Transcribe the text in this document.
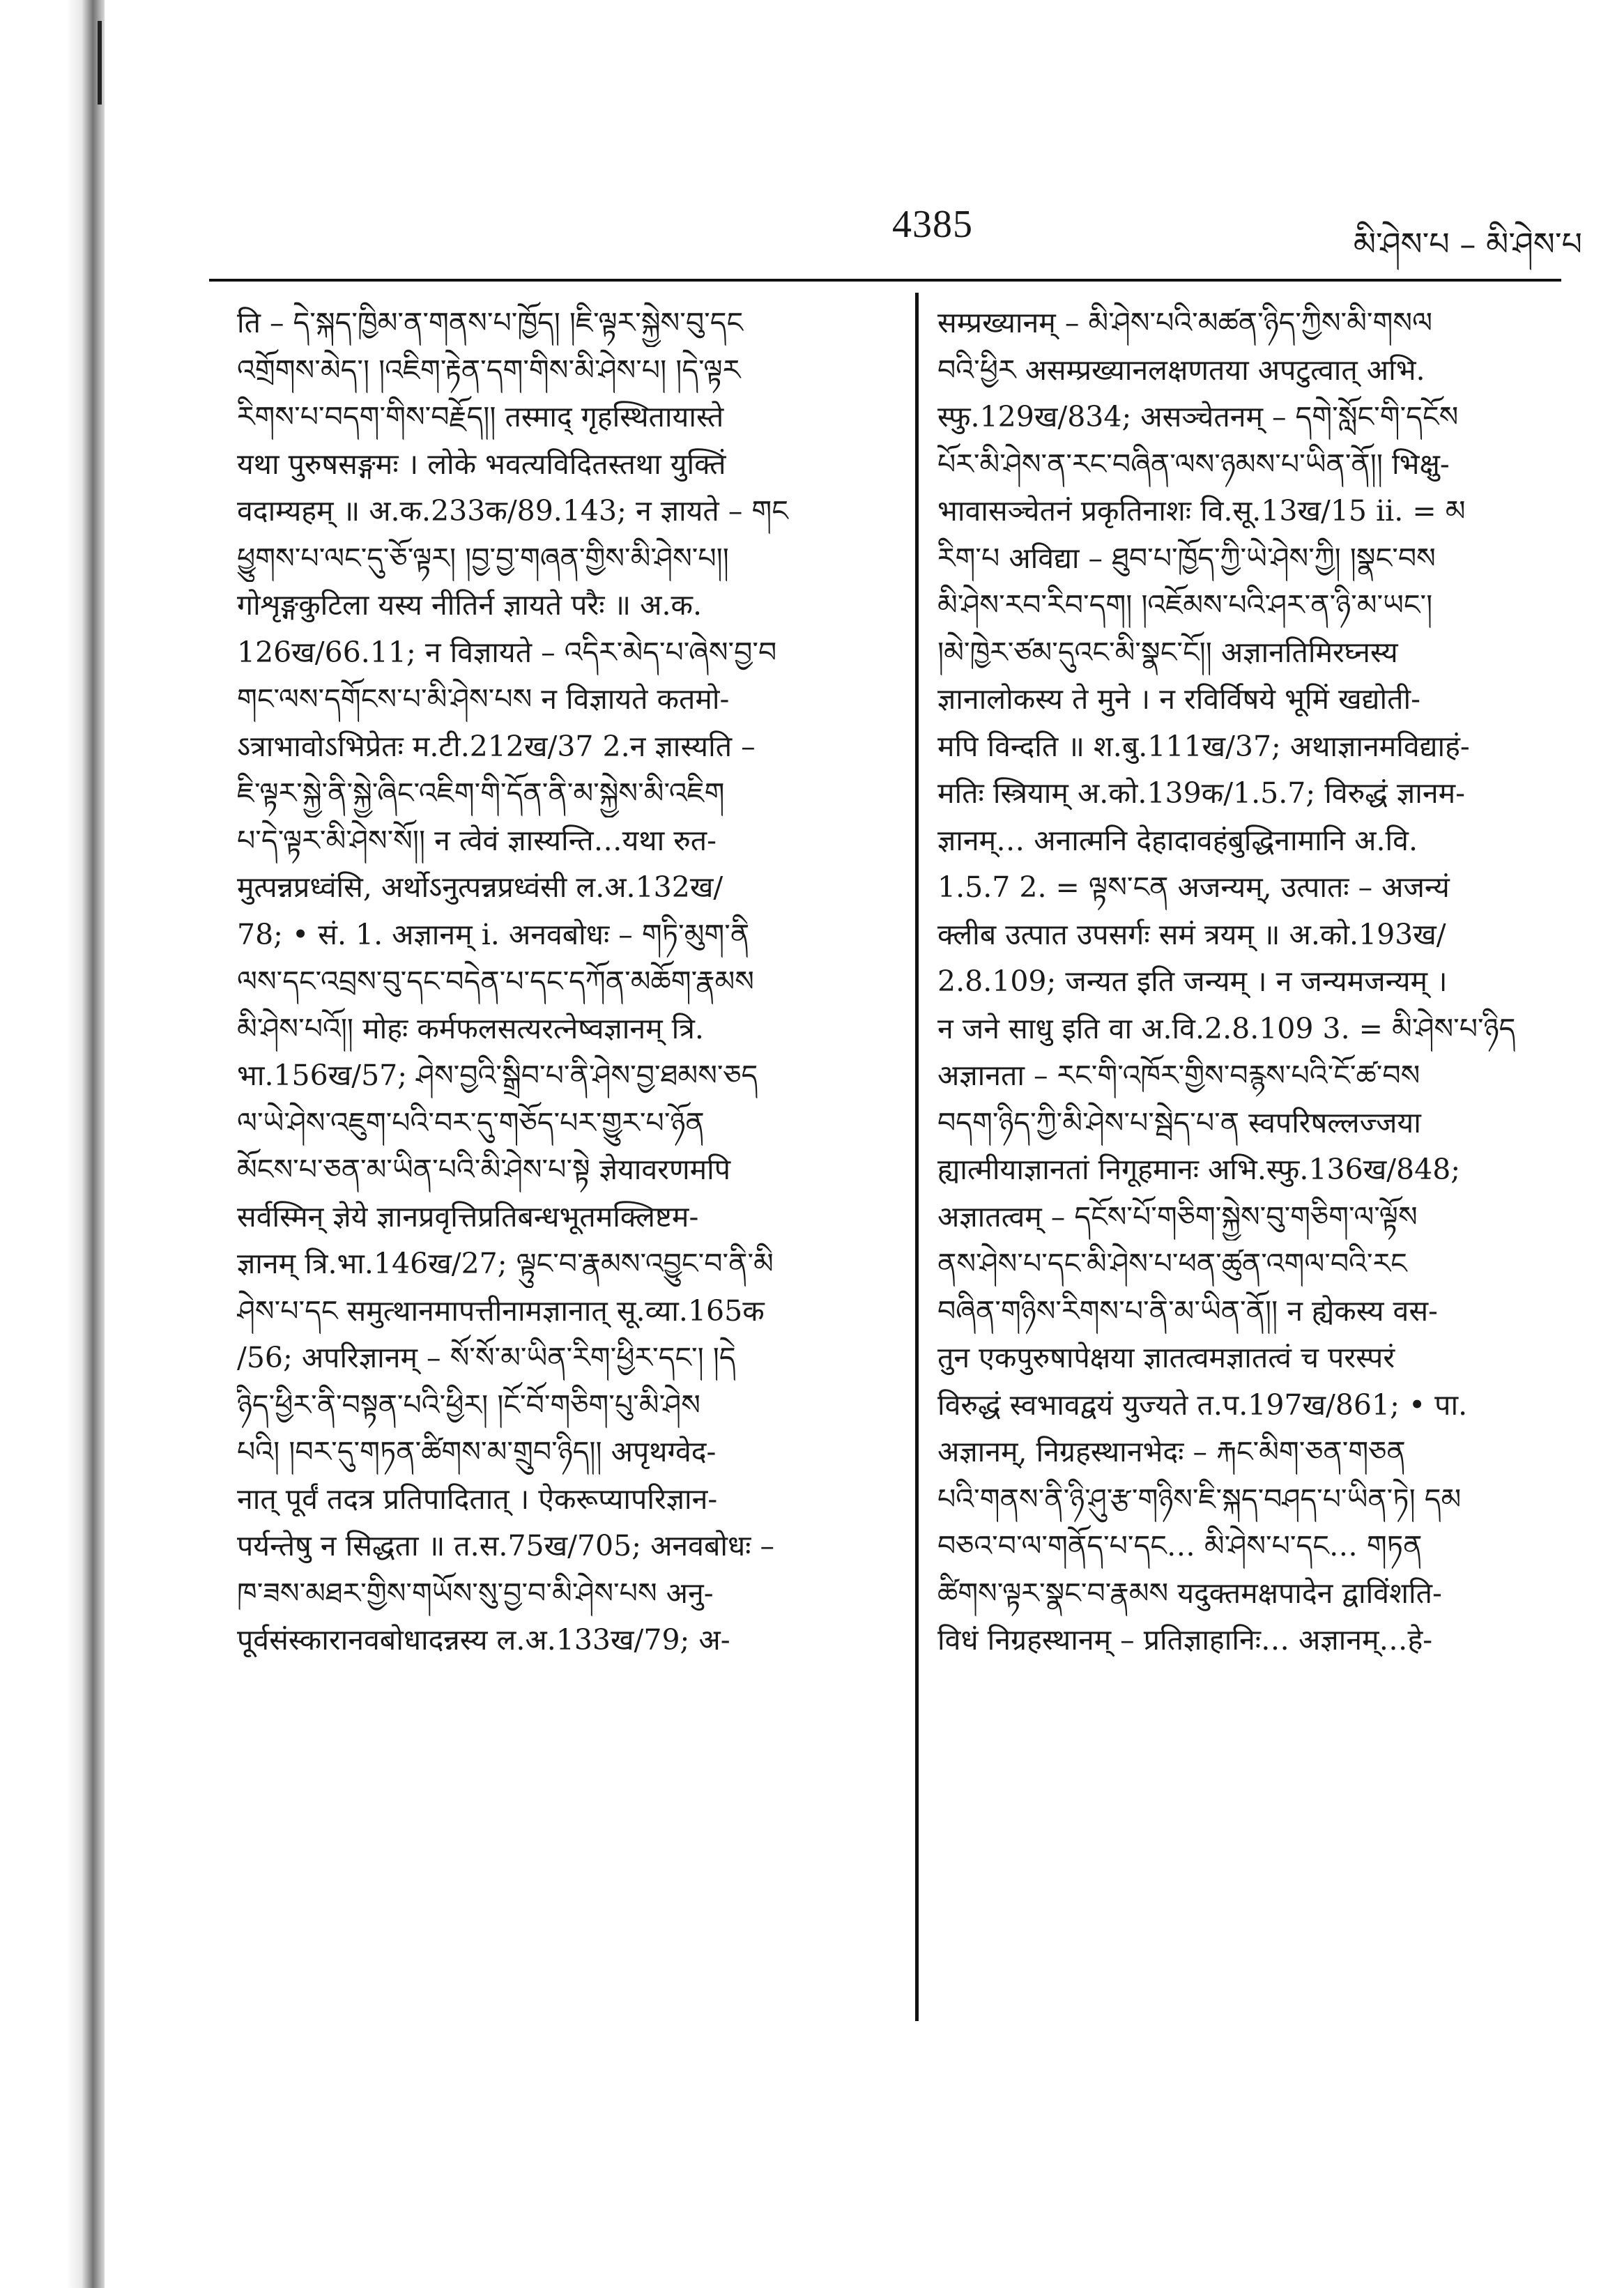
4385	མི་ཤེས་པ – མི་ཤེས་པ
ति – དེ་སྐད་ཁྱིམ་ན་གནས་པ་ཁྱོད། །ཇི་ལྟར་སྐྱེས་བུ་དང
འགྲོགས་མེད་། །འཇིག་རྟེན་དག་གིས་མི་ཤེས་པ། །དེ་ལྟར
རིགས་པ་བདག་གིས་བརྗོད།། तस्माद् गृहस्थितायास्ते
यथा पुरुषसङ्गमः । लोके भवत्यविदितस्तथा युक्तिं
वदाम्यहम् ॥ अ.क.233क/89.143; न ज्ञायते – གང
ཕྱུགས་པ་ལང་དུ་ཅོ་ལྟར། །བྱ་བྱ་གཞན་གྱིས་མི་ཤེས་པ།།
गोशृङ्गकुटिला यस्य नीतिर्न ज्ञायते परैः ॥ अ.क.
126ख/66.11; न विज्ञायते – འདིར་མེད་པ་ཞེས་བྱ་བ
གང་ལས་དགོངས་པ་མི་ཤེས་པས न विज्ञायते कतमो-
ऽत्राभावोऽभिप्रेतः म.टी.212ख/37 2.न ज्ञास्यति –
ཇི་ལྟར་སྐྱེ་ནི་སྐྱེ་ཞིང་འཇིག་གི་དོན་ནི་མ་སྐྱེས་མི་འཇིག
པ་དེ་ལྟར་མི་ཤེས་སོ།། न त्वेवं ज्ञास्यन्ति…यथा रुत-
मुत्पन्नप्रध्वंसि, अर्थोऽनुत्पन्नप्रध्वंसी ल.अ.132ख/
78; • सं. 1. अज्ञानम् i. अनवबोधः – གཏི་མུག་ནི
ལས་དང་འབྲས་བུ་དང་བདེན་པ་དང་དཀོན་མཆོག་རྣམས
མི་ཤེས་པའོ།། मोहः कर्मफलसत्यरत्नेष्वज्ञानम् त्रि.
भा.156ख/57; ཤེས་བྱའི་སྒྲིབ་པ་ནི་ཤེས་བྱ་ཐམས་ཅད
ལ་ཡེ་ཤེས་འཇུག་པའི་བར་དུ་གཅོད་པར་གྱུར་པ་ཉོན
མོངས་པ་ཅན་མ་ཡིན་པའི་མི་ཤེས་པ་སྟེ ज्ञेयावरणमपि
सर्वस्मिन् ज्ञेये ज्ञानप्रवृत्तिप्रतिबन्धभूतमक्लिष्टम-
ज्ञानम् त्रि.भा.146ख/27; ལྟུང་བ་རྣམས་འབྱུང་བ་ནི་མི
ཤེས་པ་དང समुत्थानमापत्तीनामज्ञानात् सू.व्या.165क
/56; अपरिज्ञानम् – སོ་སོ་མ་ཡིན་རིག་ཕྱིར་དང་། །དེ
ཉིད་ཕྱིར་ནི་བསྟན་པའི་ཕྱིར། །ངོ་བོ་གཅིག་པུ་མི་ཤེས
པའི། །བར་དུ་གཏན་ཚིགས་མ་གྲུབ་ཉིད།། अपृथग्वेद-
नात् पूर्वं तदत्र प्रतिपादितात् । ऐकरूप्यापरिज्ञान-
पर्यन्तेषु न सिद्धता ॥ त.स.75ख/705; अनवबोधः –
ཁ་ཟས་མཐར་གྱིས་གཡོས་སུ་བྱ་བ་མི་ཤེས་པས अनु-
पूर्वसंस्कारानवबोधादन्नस्य ल.अ.133ख/79; अ-
सम्प्रख्यानम् – མི་ཤེས་པའི་མཚན་ཉིད་ཀྱིས་མི་གསལ
བའི་ཕྱིར असम्प्रख्यानलक्षणतया अपटुत्वात् अभि.
स्फु.129ख/834; असञ्चेतनम् – དགེ་སློང་གི་དངོས
པོར་མི་ཤེས་ན་རང་བཞིན་ལས་ཉམས་པ་ཡིན་ནོ།། भिक्षु-
भावासञ्चेतनं प्रकृतिनाशः वि.सू.13ख/15 ii. = མ
རིག་པ अविद्या – ཐུབ་པ་ཁྱོད་ཀྱི་ཡེ་ཤེས་ཀྱི། །སྣང་བས
མི་ཤེས་རབ་རིབ་དག། །འཇོམས་པའི་ཤར་ན་ཉི་མ་ཡང་།
།མེ་ཁྱེར་ཙམ་དུའང་མི་སྣང་ངོ།། अज्ञानतिमिरघ्नस्य
ज्ञानालोकस्य ते मुने । न रविर्विषये भूमिं खद्योती-
मपि विन्दति ॥ श.बु.111ख/37; अथाज्ञानमविद्याहं-
मतिः स्त्रियाम् अ.को.139क/1.5.7; विरुद्धं ज्ञानम-
ज्ञानम्… अनात्मनि देहादावहंबुद्धिनामानि अ.वि.
1.5.7 2. = ལྟས་ངན अजन्यम्, उत्पातः – अजन्यं
क्लीब उत्पात उपसर्गः समं त्रयम् ॥ अ.को.193ख/
2.8.109; जन्यत इति जन्यम् । न जन्यमजन्यम् ।
न जने साधु इति वा अ.वि.2.8.109 3. = མི་ཤེས་པ་ཉིད
अज्ञानता – རང་གི་འཁོར་གྱིས་བརྙས་པའི་ངོ་ཚ་བས
བདག་ཉིད་ཀྱི་མི་ཤེས་པ་སྦེད་པ་ན स्वपरिषल्लज्जया
ह्यात्मीयाज्ञानतां निगूहमानः अभि.स्फु.136ख/848;
अज्ञातत्वम् – དངོས་པོ་གཅིག་སྐྱེས་བུ་གཅིག་ལ་ལྟོས
ནས་ཤེས་པ་དང་མི་ཤེས་པ་ཕན་ཚུན་འགལ་བའི་རང
བཞིན་གཉིས་རིགས་པ་ནི་མ་ཡིན་ནོ།། न ह्येकस्य वस-
तुन एकपुरुषापेक्षया ज्ञातत्वमज्ञातत्वं च परस्परं
विरुद्धं स्वभावद्वयं युज्यते त.प.197ख/861; • पा.
अज्ञानम्, निग्रहस्थानभेदः – རྐང་མིག་ཅན་གཅན
པའི་གནས་ནི་ཉི་ཤུ་རྩ་གཉིས་ཇི་སྐད་བཤད་པ་ཡིན་ཏེ། དམ
བཅའ་བ་ལ་གནོད་པ་དང… མི་ཤེས་པ་དང… གཏན
ཚིགས་ལྟར་སྣང་བ་རྣམས यदुक्तमक्षपादेन द्वाविंशति-
विधं निग्रहस्थानम् – प्रतिज्ञाहानिः… अज्ञानम्…हे-
